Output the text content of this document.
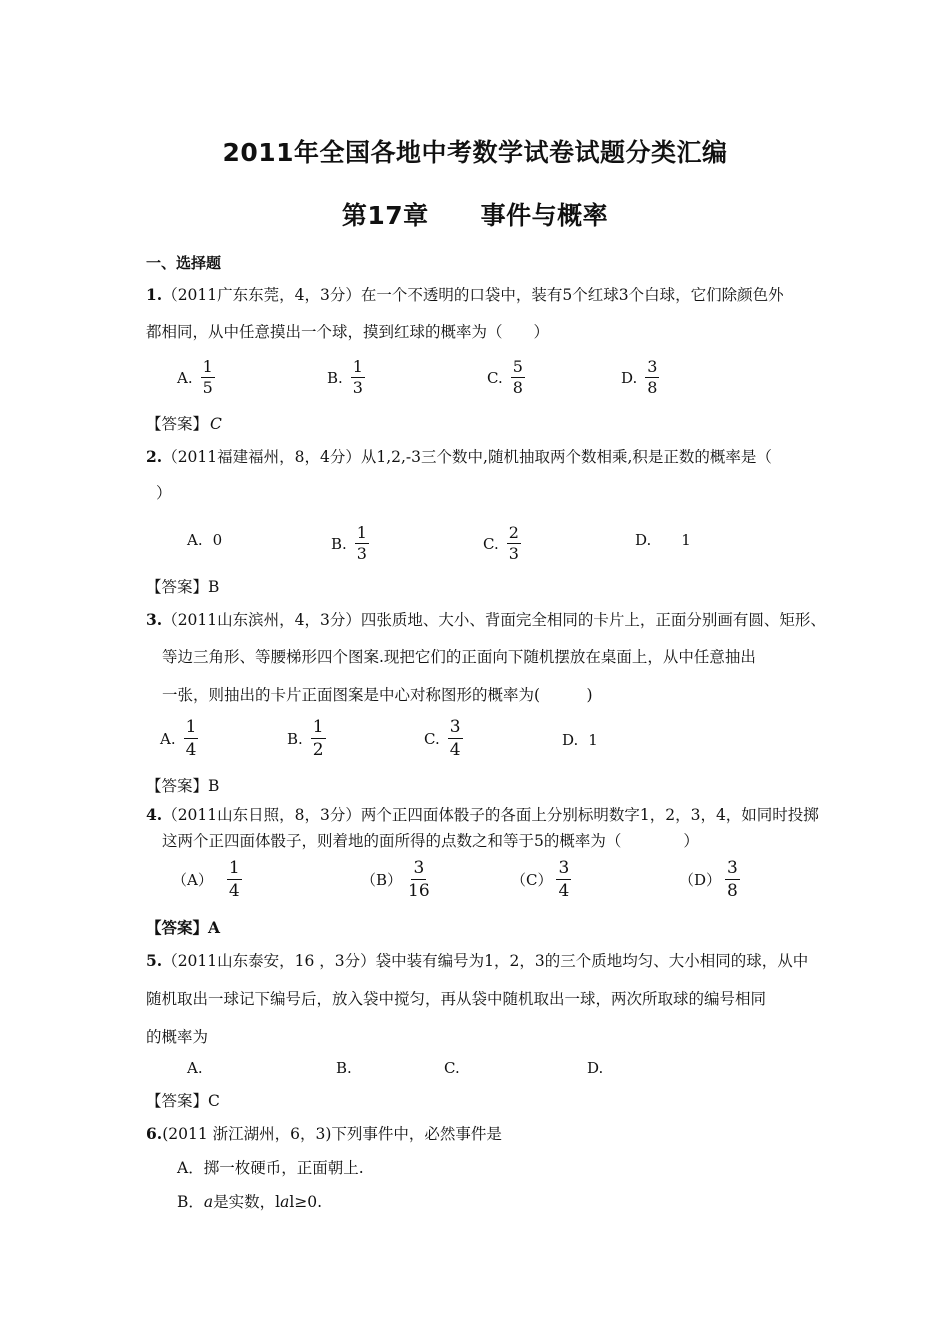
2011年全国各地中考数学试卷试题分类汇编
第17章 事件与概率
一、选择题
1.（2011广东东莞，4，3分）在一个不透明的口袋中，装有5个红球3个白球，它们除颜色外
都相同，从中任意摸出一个球，摸到红球的概率为（　　）
A. $\frac{1}{5}$	B. $\frac{1}{3}$	C. $\frac{5}{8}$	D. $\frac{3}{8}$
【答案】 C
2.（2011福建福州，8，4分）从1,2,-3三个数中,随机抽取两个数相乘,积是正数的概率是（
）
A. 0	B. $\frac{1}{3}$	C. $\frac{2}{3}$	D. 1
【答案】B
3.（2011山东滨州，4，3分）四张质地、大小、背面完全相同的卡片上，正面分别画有圆、矩形、
等边三角形、等腰梯形四个图案.现把它们的正面向下随机摆放在桌面上，从中任意抽出
一张，则抽出的卡片正面图案是中心对称图形的概率为(　　　)
A. $\frac{1}{4}$	B. $\frac{1}{2}$	C. $\frac{3}{4}$	D. 1
【答案】B
4.（2011山东日照，8，3分）两个正四面体骰子的各面上分别标明数字1，2，3，4，如同时投掷
这两个正四面体骰子，则着地的面所得的点数之和等于5的概率为（　　　　）
$(A) \frac{1}{4}$	$(B) \frac{3}{16}$	$(C) \frac{3}{4}$	$(D) \frac{3}{8}$
【答案】A
5.（2011山东泰安，16 ，3分）袋中装有编号为1，2，3的三个质地均匀、大小相同的球，从中
随机取出一球记下编号后，放入袋中搅匀，再从袋中随机取出一球，两次所取球的编号相同
的概率为
A.	B.	C.	D.
【答案】C
6.(2011 浙江湖州，6，3)下列事件中，必然事件是
A．掷一枚硬币，正面朝上.
B．a是实数，lal≥0.
